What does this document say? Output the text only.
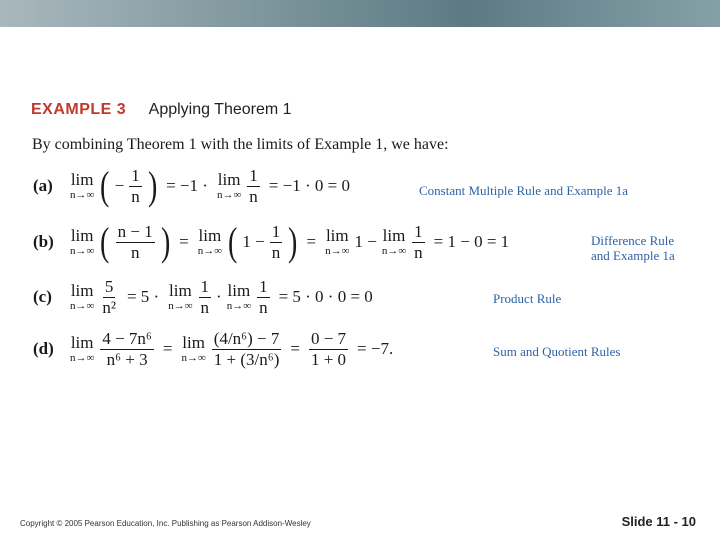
EXAMPLE 3 Applying Theorem 1
By combining Theorem 1 with the limits of Example 1, we have:
(a)	lim
n→∞ ( − $\frac{1}{n}$ ) = −1 · lim
$n\to\infty \frac{1}{n} = -1 \cdot 0 = 0$	Constant Multiple Rule and Example 1a
(b)	lim
n→∞ ( $\frac{n - 1}{n}$ ) = lim
n→∞ ( $1 - \frac{1}{n}$ ) = lim
n→∞ 1 − lim
$n\to\infty \frac{1}{n} = 1 - 0 = 1$	Difference Rule
and Example 1a
(c)	lim
$n\to\infty \frac{5}{\text{n²}} = 5 \cdot \lim$
$n\to\infty \frac{1}{n} \cdot \lim$
$n\to\infty \frac{1}{n} = 5 \cdot 0 \cdot 0 = 0$	Product Rule
(d)	lim
$n\to\infty \frac{\text{4 − 7n⁶}}{\text{n⁶ + 3}} = \lim$
$n\to\infty \frac{\text{(4/n⁶) − 7}}{\text{1 + (3/n⁶)}} = \frac{0 - 7}{1 + 0} = -7$.	Sum and Quotient Rules
Copyright © 2005 Pearson Education, Inc. Publishing as Pearson Addison-Wesley	Slide 11 - 10
